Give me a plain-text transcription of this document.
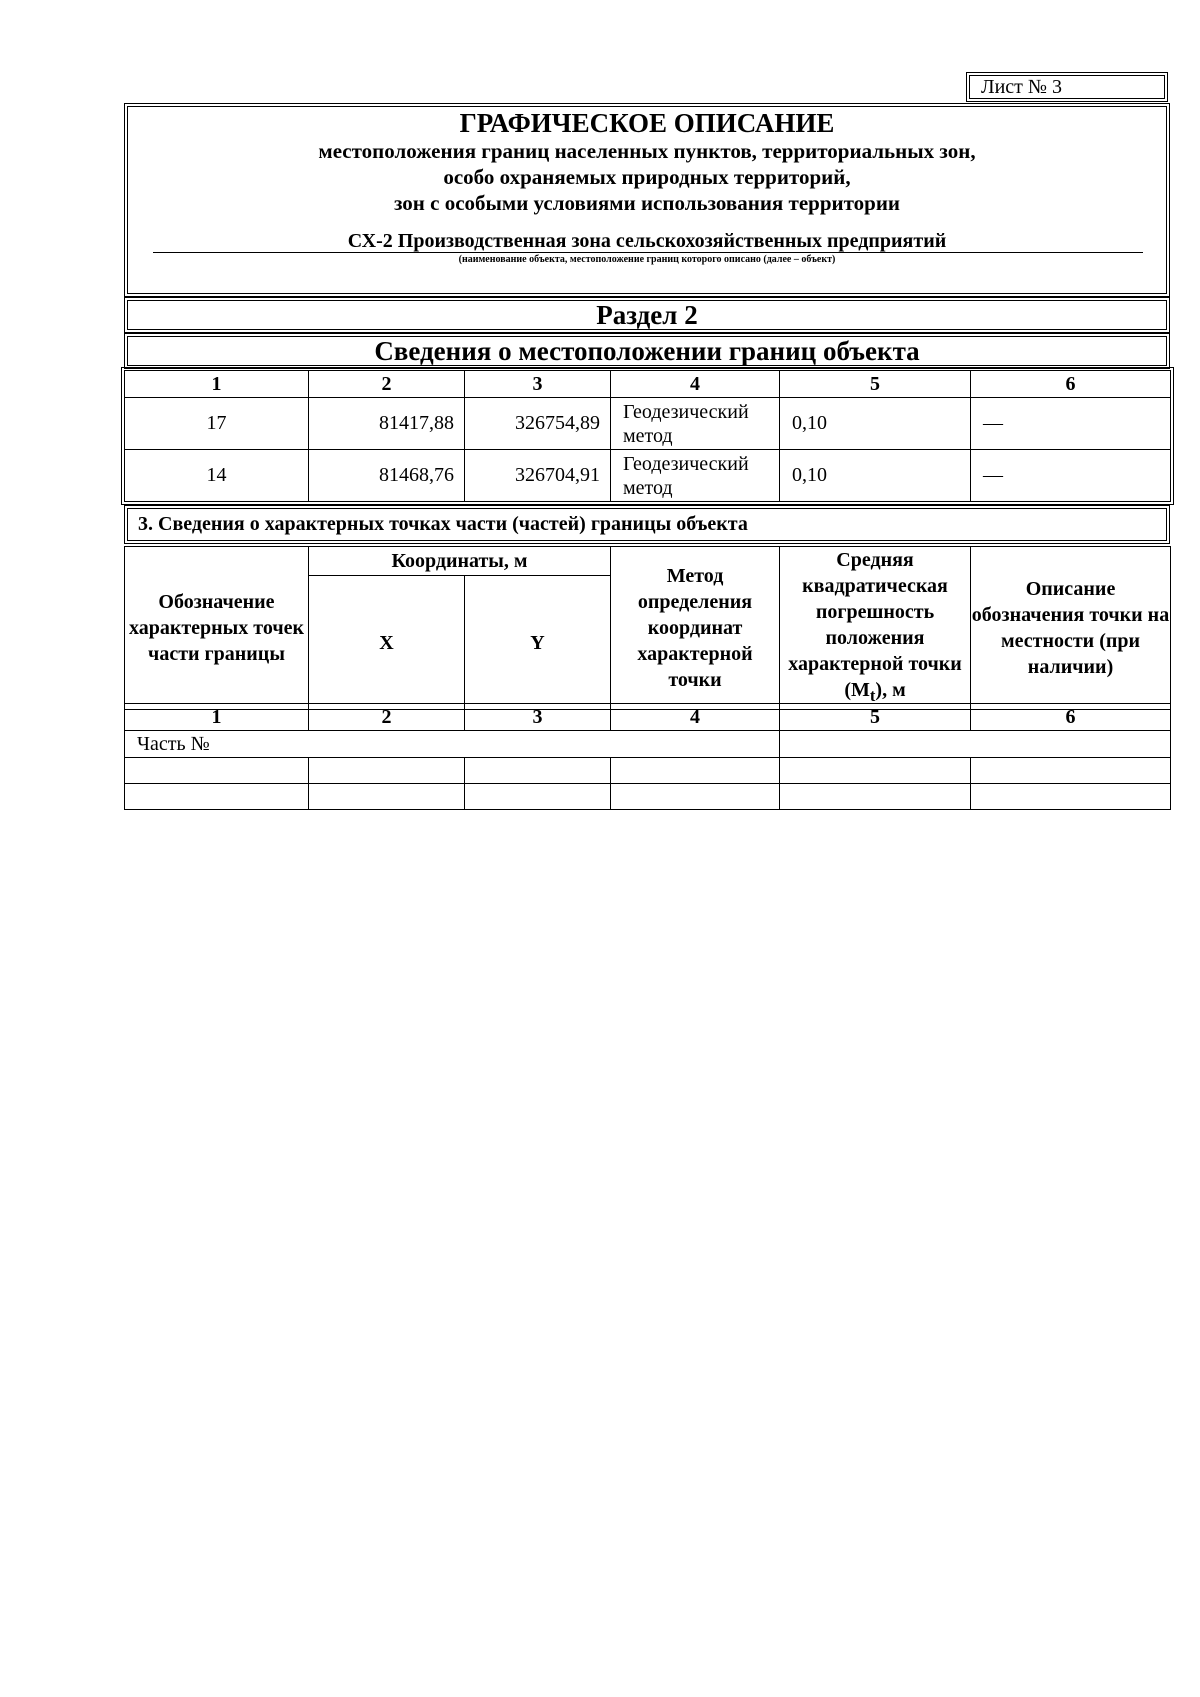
Лист № 3
ГРАФИЧЕСКОЕ ОПИСАНИЕ
местоположения границ населенных пунктов, территориальных зон,
особо охраняемых природных территорий,
зон с особыми условиями использования территории
СХ-2 Производственная зона сельскохозяйственных предприятий
(наименование объекта, местоположение границ которого описано (далее – объект)
Раздел 2
Сведения о местоположении границ объекта
1	2	3	4	5	6
17	81417,88	326754,89	Геодезический метод	0,10	—
14	81468,76	326704,91	Геодезический метод	0,10	—
3. Сведения о характерных точках части (частей) границы объекта
Обозначение характерных точек части границы	Координаты, м		Метод определения координат характерной точки	Средняя квадратическая погрешность положения характерной точки $(M_t)$, м	Описание обозначения точки на местности (при наличии)
	X	Y			
1	2	3	4	5	6
Часть №					
